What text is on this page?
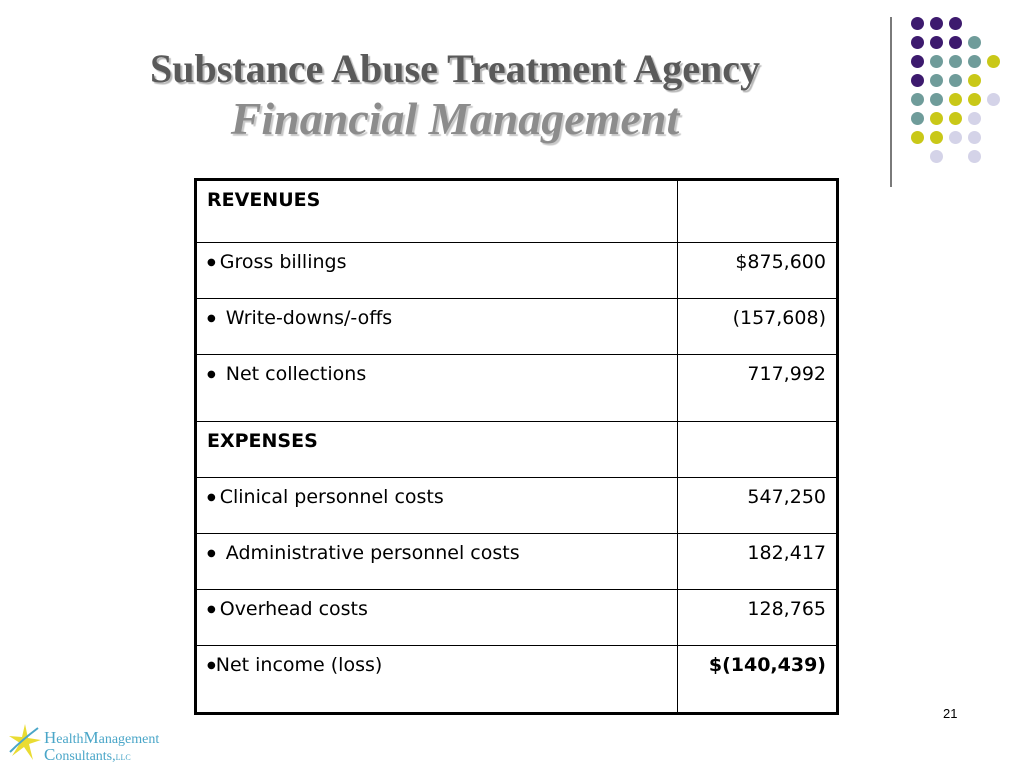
Substance Abuse Treatment Agency
Financial Management
REVENUES	
● Gross billings	$875,600
● Write-downs/-offs	(157,608)
● Net collections	717,992
EXPENSES	
● Clinical personnel costs	547,250
● Administrative personnel costs	182,417
● Overhead costs	128,765
●Net income (loss)	$(140,439)
21
HealthManagement
Consultants,LLC
